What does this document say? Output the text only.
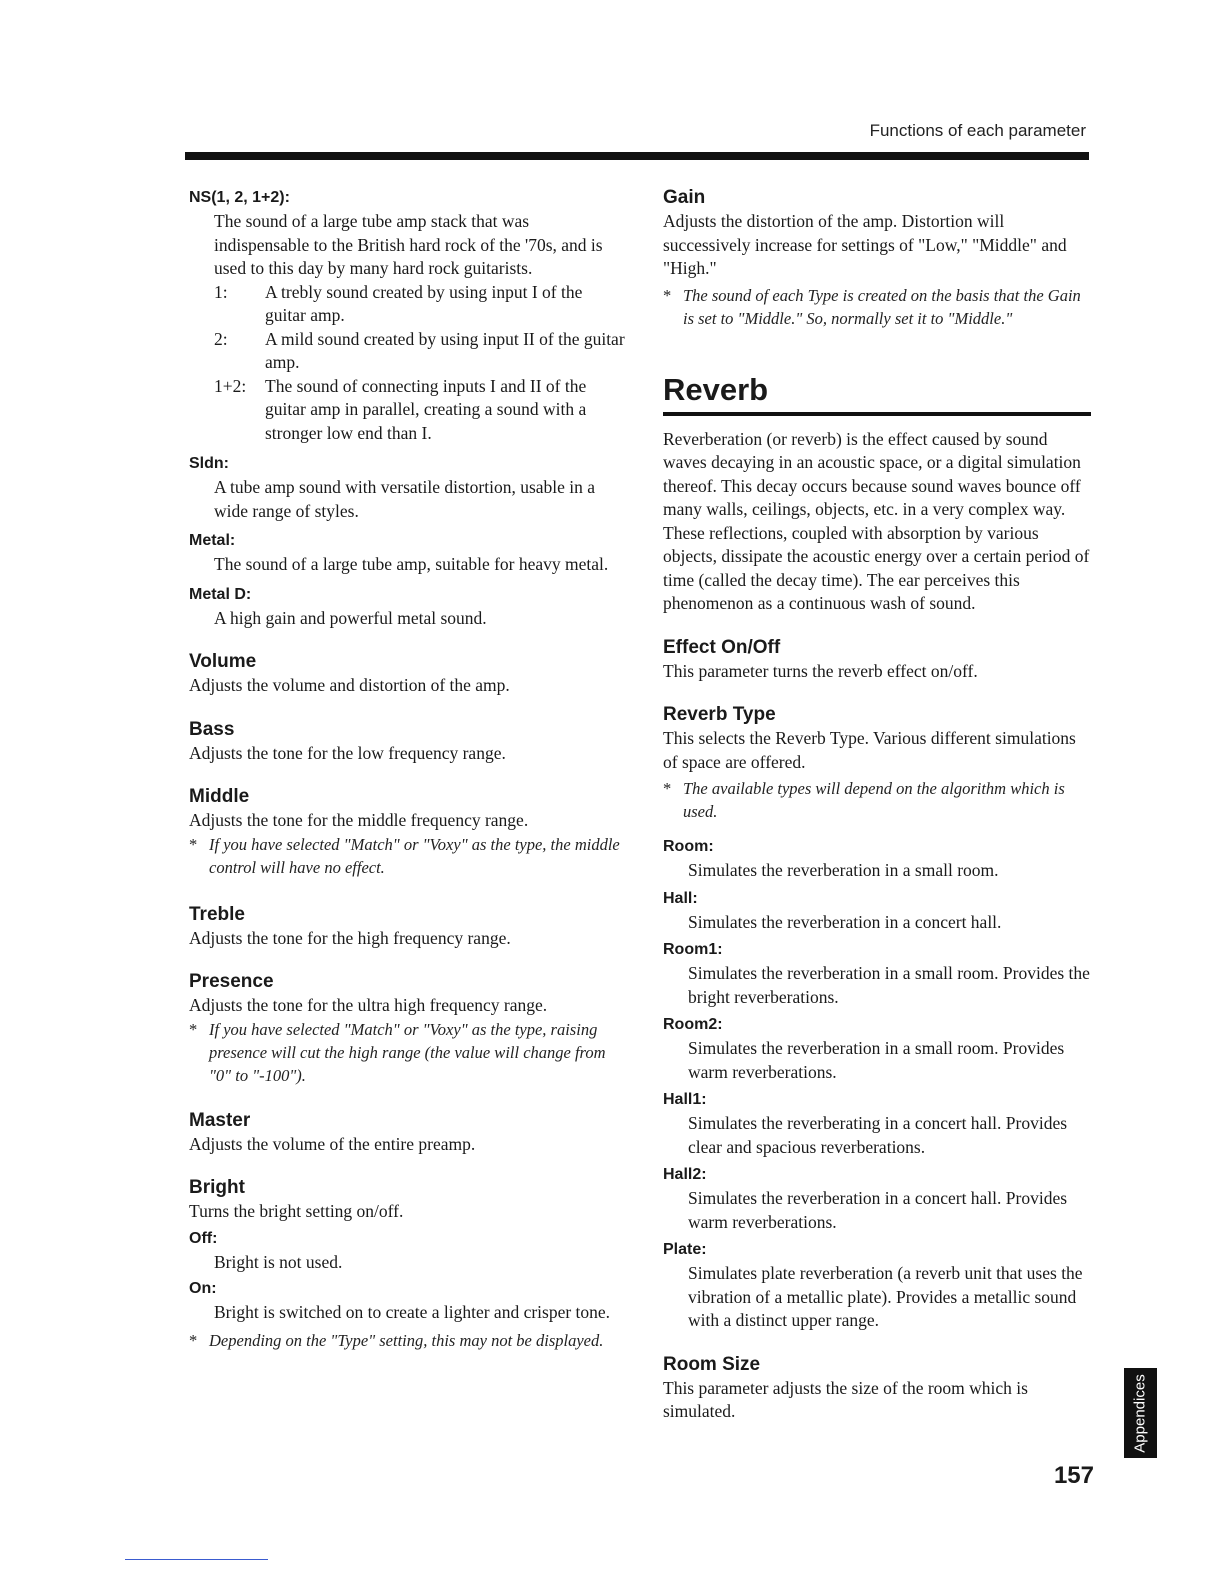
Functions of each parameter
NS(1, 2, 1+2):

The sound of a large tube amp stack that was indispensable to the British hard rock of the '70s, and is used to this day by many hard rock guitarists.

1:	A trebly sound created by using input I of the guitar amp.
2:	A mild sound created by using input II of the guitar amp.
1+2:	The sound of connecting inputs I and II of the guitar amp in parallel, creating a sound with a stronger low end than I.
Sldn:

A tube amp sound with versatile distortion, usable in a wide range of styles.

Metal:

The sound of a large tube amp, suitable for heavy metal.

Metal D:

A high gain and powerful metal sound.

Volume

Adjusts the volume and distortion of the amp.

Bass

Adjusts the tone for the low frequency range.

Middle

Adjusts the tone for the middle frequency range.

* If you have selected "Match" or "Voxy" as the type, the middle control will have no effect.
Treble

Adjusts the tone for the high frequency range.

Presence

Adjusts the tone for the ultra high frequency range.

* If you have selected "Match" or "Voxy" as the type, raising presence will cut the high range (the value will change from "0" to "-100").
Master

Adjusts the volume of the entire preamp.

Bright

Turns the bright setting on/off.

Off:

Bright is not used.

On:

Bright is switched on to create a lighter and crisper tone.

* Depending on the "Type" setting, this may not be displayed.
Gain

Adjusts the distortion of the amp. Distortion will successively increase for settings of "Low," "Middle" and "High."

* The sound of each Type is created on the basis that the Gain is set to "Middle." So, normally set it to "Middle."
Reverb

Reverberation (or reverb) is the effect caused by sound waves decaying in an acoustic space, or a digital simulation thereof. This decay occurs because sound waves bounce off many walls, ceilings, objects, etc. in a very complex way. These reflections, coupled with absorption by various objects, dissipate the acoustic energy over a certain period of time (called the decay time). The ear perceives this phenomenon as a continuous wash of sound.

Effect On/Off

This parameter turns the reverb effect on/off.

Reverb Type

This selects the Reverb Type. Various different simulations of space are offered.

* The available types will depend on the algorithm which is used.
Room:

Simulates the reverberation in a small room.

Hall:

Simulates the reverberation in a concert hall.

Room1:

Simulates the reverberation in a small room. Provides the bright reverberations.

Room2:

Simulates the reverberation in a small room. Provides warm reverberations.

Hall1:

Simulates the reverberating in a concert hall. Provides clear and spacious reverberations.

Hall2:

Simulates the reverberation in a concert hall. Provides warm reverberations.

Plate:

Simulates plate reverberation (a reverb unit that uses the vibration of a metallic plate). Provides a metallic sound with a distinct upper range.

Room Size

This parameter adjusts the size of the room which is simulated.	Appendices
157
